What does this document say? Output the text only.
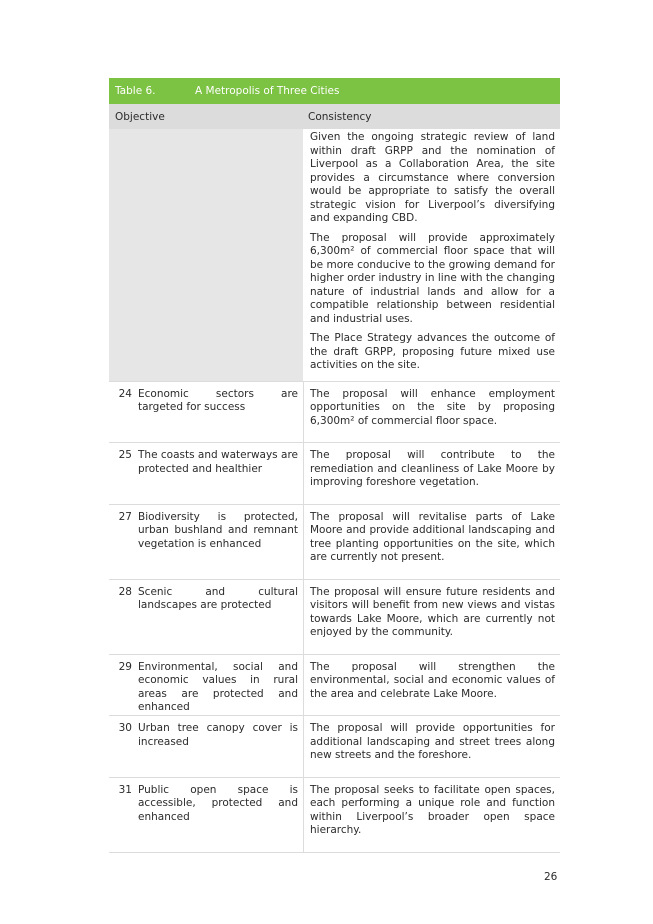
Table 6.	A Metropolis of Three Cities
Objective	Consistency

Given the ongoing strategic review of land within draft GRPP and the nomination of Liverpool as a Collaboration Area, the site provides a circumstance where conversion would be appropriate to satisfy the overall strategic vision for Liverpool’s diversifying and expanding CBD.

The proposal will provide approximately 6,300m² of commercial floor space that will be more conducive to the growing demand for higher order industry in line with the changing nature of industrial lands and allow for a compatible relationship between residential and industrial uses.

The Place Strategy advances the outcome of the draft GRPP, proposing future mixed use activities on the site.

24 Economic sectors are targeted for success
The proposal will enhance employment opportunities on the site by proposing 6,300m² of commercial floor space.
25 The coasts and waterways are protected and healthier
The proposal will contribute to the remediation and cleanliness of Lake Moore by improving foreshore vegetation.
27 Biodiversity is protected, urban bushland and remnant vegetation is enhanced
The proposal will revitalise parts of Lake Moore and provide additional landscaping and tree planting opportunities on the site, which are currently not present.
28 Scenic and cultural landscapes are protected
The proposal will ensure future residents and visitors will benefit from new views and vistas towards Lake Moore, which are currently not enjoyed by the community.
29 Environmental, social and economic values in rural areas are protected and enhanced
The proposal will strengthen the environmental, social and economic values of the area and celebrate Lake Moore.
30 Urban tree canopy cover is increased
The proposal will provide opportunities for additional landscaping and street trees along new streets and the foreshore.
31 Public open space is accessible, protected and enhanced
The proposal seeks to facilitate open spaces, each performing a unique role and function within Liverpool’s broader open space hierarchy.
26
